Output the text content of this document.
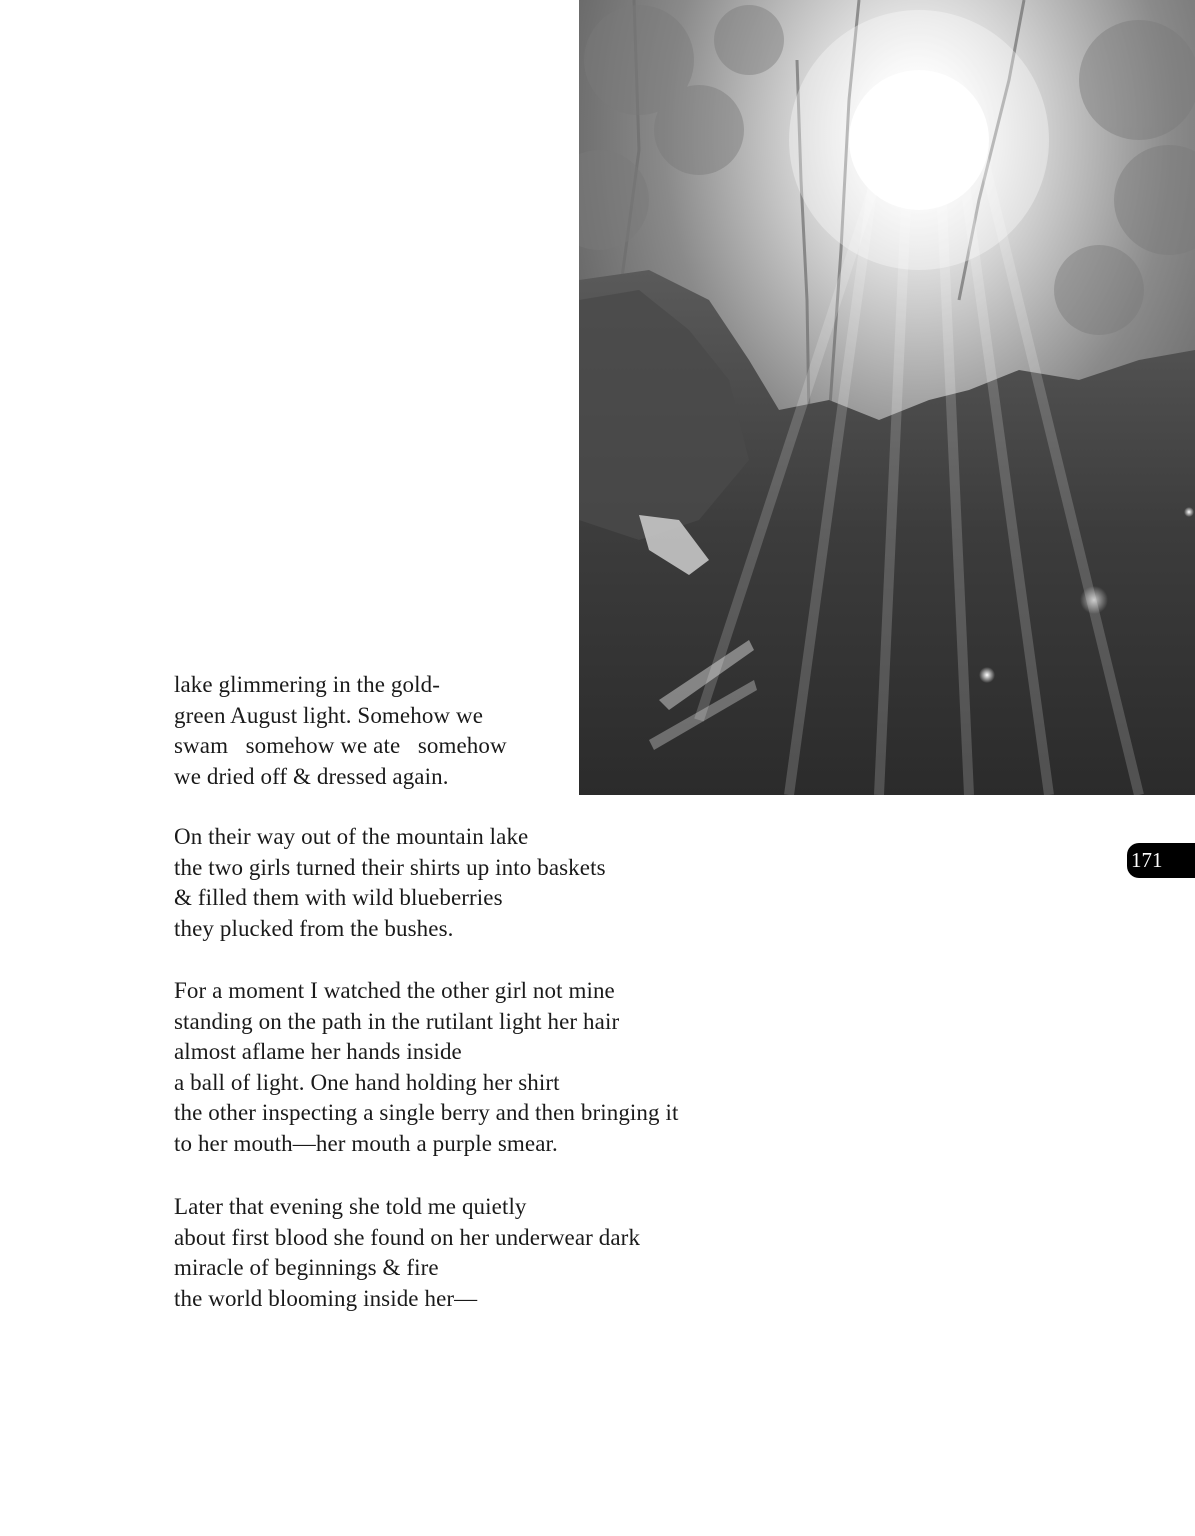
lake glimmering in the gold-
green August light. Somehow we
swam   somehow we ate   somehow
we dried off & dressed again.
On their way out of the mountain lake
the two girls turned their shirts up into baskets
& filled them with wild blueberries
they plucked from the bushes.
For a moment I watched the other girl not mine
standing on the path in the rutilant light her hair
almost aflame her hands inside
a ball of light. One hand holding her shirt
the other inspecting a single berry and then bringing it
to her mouth—her mouth a purple smear.
Later that evening she told me quietly
about first blood she found on her underwear dark
miracle of beginnings & fire
the world blooming inside her—
171
